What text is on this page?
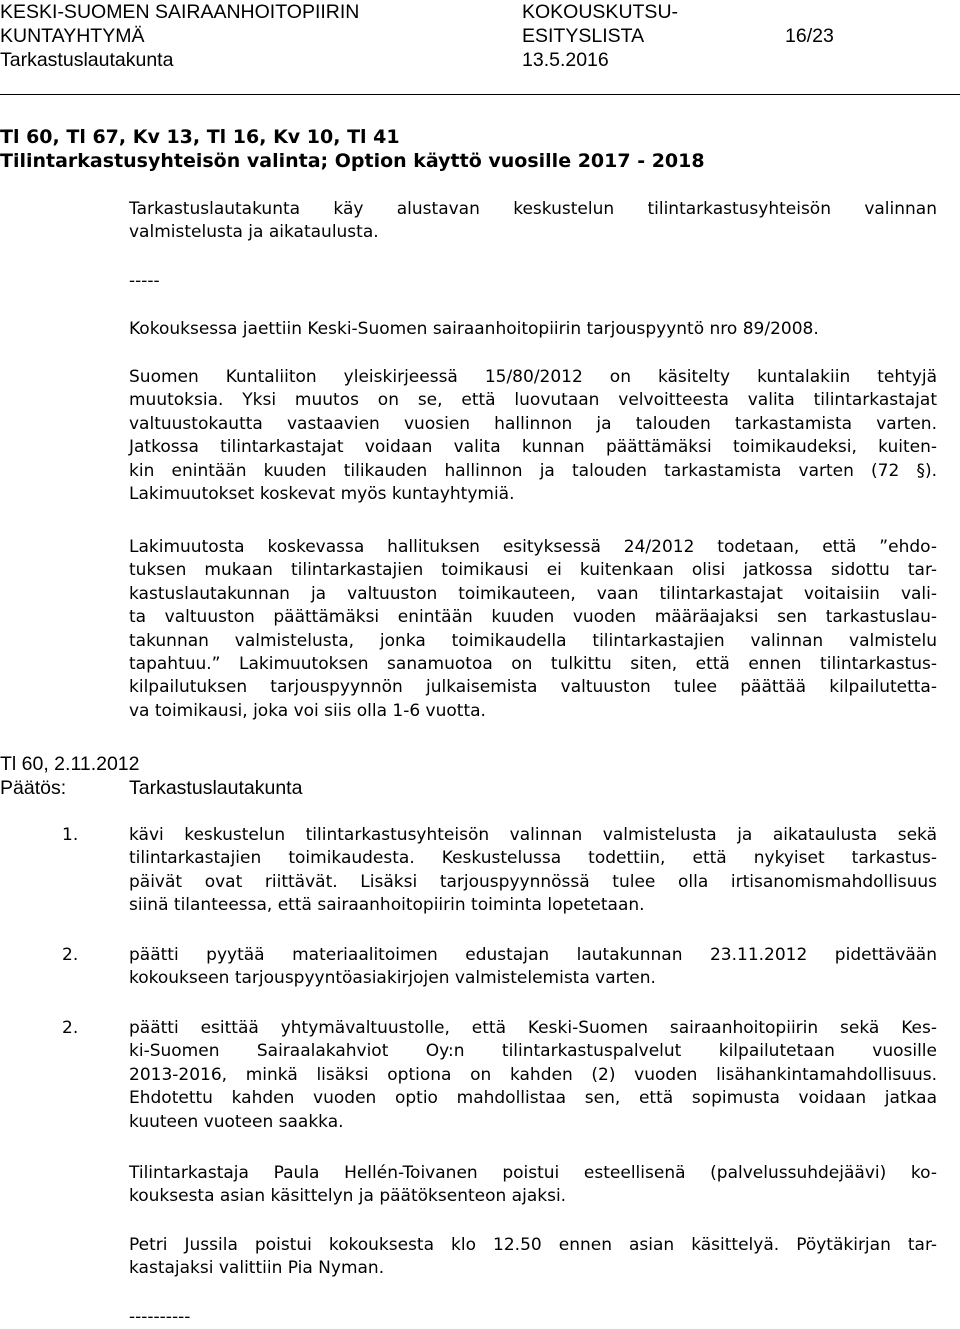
KESKI-SUOMEN SAIRAANHOITOPIIRIN
KUNTAYHTYMÄ
Tarkastuslautakunta
KOKOUSKUTSU-
ESITYSLISTA
13.5.2016
16/23
Tl 60, Tl 67, Kv 13, Tl 16, Kv 10, Tl 41
Tilintarkastusyhteisön valinta; Option käyttö vuosille 2017 - 2018
Tarkastuslautakunta käy alustavan keskustelun tilintarkastusyhteisön valinnan
valmistelusta ja aikataulusta.
-----
Kokouksessa jaettiin Keski-Suomen sairaanhoitopiirin tarjouspyyntö nro 89/2008.
Suomen Kuntaliiton yleiskirjeessä 15/80/2012 on käsitelty kuntalakiin tehtyjä
muutoksia. Yksi muutos on se, että luovutaan velvoitteesta valita tilintarkastajat
valtuustokautta vastaavien vuosien hallinnon ja talouden tarkastamista varten.
Jatkossa tilintarkastajat voidaan valita kunnan päättämäksi toimikaudeksi, kuiten-
kin enintään kuuden tilikauden hallinnon ja talouden tarkastamista varten (72 §).
Lakimuutokset koskevat myös kuntayhtymiä.
Lakimuutosta koskevassa hallituksen esityksessä 24/2012 todetaan, että ”ehdo-
tuksen mukaan tilintarkastajien toimikausi ei kuitenkaan olisi jatkossa sidottu tar-
kastuslautakunnan ja valtuuston toimikauteen, vaan tilintarkastajat voitaisiin vali-
ta valtuuston päättämäksi enintään kuuden vuoden määräajaksi sen tarkastuslau-
takunnan valmistelusta, jonka toimikaudella tilintarkastajien valinnan valmistelu
tapahtuu.” Lakimuutoksen sanamuotoa on tulkittu siten, että ennen tilintarkastus-
kilpailutuksen tarjouspyynnön julkaisemista valtuuston tulee päättää kilpailutetta-
va toimikausi, joka voi siis olla 1-6 vuotta.
Tl 60, 2.11.2012
Päätös:	Tarkastuslautakunta
1.	kävi keskustelun tilintarkastusyhteisön valinnan valmistelusta ja aikataulusta sekä
tilintarkastajien toimikaudesta. Keskustelussa todettiin, että nykyiset tarkastus-
päivät ovat riittävät. Lisäksi tarjouspyynnössä tulee olla irtisanomismahdollisuus
siinä tilanteessa, että sairaanhoitopiirin toiminta lopetetaan.
2.	päätti pyytää materiaalitoimen edustajan lautakunnan 23.11.2012 pidettävään
kokoukseen tarjouspyyntöasiakirjojen valmistelemista varten.
2.	päätti esittää yhtymävaltuustolle, että Keski-Suomen sairaanhoitopiirin sekä Kes-
ki-Suomen Sairaalakahviot Oy:n tilintarkastuspalvelut kilpailutetaan vuosille
2013-2016, minkä lisäksi optiona on kahden (2) vuoden lisähankintamahdollisuus.
Ehdotettu kahden vuoden optio mahdollistaa sen, että sopimusta voidaan jatkaa
kuuteen vuoteen saakka.
Tilintarkastaja Paula Hellén-Toivanen poistui esteellisenä (palvelussuhdejäävi) ko-
kouksesta asian käsittelyn ja päätöksenteon ajaksi.
Petri Jussila poistui kokouksesta klo 12.50 ennen asian käsittelyä. Pöytäkirjan tar-
kastajaksi valittiin Pia Nyman.
----------
